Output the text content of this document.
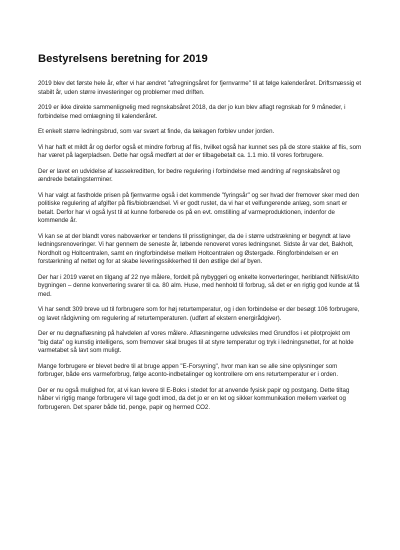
Bestyrelsens beretning for 2019

2019 blev det første hele år, efter vi har ændret "afregningsåret for fjernvarme" til at følge kalenderåret. Driftsmæssig et stabilt år, uden større investeringer og problemer med driften.

2019 er ikke direkte sammenlignelig med regnskabsåret 2018, da der jo kun blev aflagt regnskab for 9 måneder, i forbindelse med omlægning til kalenderåret.

Et enkelt større ledningsbrud, som var svært at finde, da lækagen forblev under jorden.

Vi har haft et mildt år og derfor også et mindre forbrug af flis, hvilket også har kunnet ses på de store stakke af flis, som har været på lagerpladsen. Dette har også medført at der er tilbagebetalt ca. 1.1 mio. til vores forbrugere.

Der er lavet en udvidelse af kassekreditten, for bedre regulering i forbindelse med ændring af regnskabsåret og ændrede betalingsterminer.

Vi har valgt at fastholde prisen på fjernvarme også i det kommende "fyringsår" og ser hvad der fremover sker med den politiske regulering af afgifter på flis/biobrændsel. Vi er godt rustet, da vi har et velfungerende anlæg, som snart er betalt. Derfor har vi også lyst til at kunne forberede os på en evt. omstilling af varmeproduktionen, indenfor de kommende år.

Vi kan se at der blandt vores naboværker er tendens til prisstigninger, da de i større udstrækning er begyndt at lave ledningsrenoveringer. Vi har gennem de seneste år, løbende renoveret vores ledningsnet. Sidste år var det, Bakholt, Nordholt og Holtcentralen, samt en ringforbindelse mellem Holtcentralen og Østergade. Ringforbindelsen er en forstærkning af nettet og for at skabe leveringssikkerhed til den østlige del af byen.

Der har i 2019 været en tilgang af 22 nye målere, fordelt på nybyggeri og enkelte konverteringer, heriblandt Nilfisk/Alto bygningen – denne konvertering svarer til ca. 80 alm. Huse, med henhold til forbrug, så det er en rigtig god kunde at få med.

Vi har sendt 309 breve ud til forbrugere som for høj returtemperatur, og i den forbindelse er der besøgt 106 forbrugere, og lavet rådgivning om regulering af returtemperaturen. (udført af ekstern energirådgiver).

Der er nu døgnaflæsning på halvdelen af vores målere. Aflæsningerne udveksles med Grundfos i et pilotprojekt om "big data" og kunstig intelligens, som fremover skal bruges til at styre temperatur og tryk i ledningsnettet, for at holde varmetabet så lavt som muligt.

Mange forbrugere er blevet bedre til at bruge appen "E-Forsyning", hvor man kan se alle sine oplysninger som forbruger, både ens varmeforbrug, følge aconto-indbetalinger og kontrollere om ens returtemperatur er i orden.

Der er nu også mulighed for, at vi kan levere til E-Boks i stedet for at anvende fysisk papir og postgang. Dette tiltag håber vi rigtig mange forbrugere vil tage godt imod, da det jo er en let og sikker kommunikation mellem værket og forbrugeren. Det sparer både tid, penge, papir og hermed CO2.
